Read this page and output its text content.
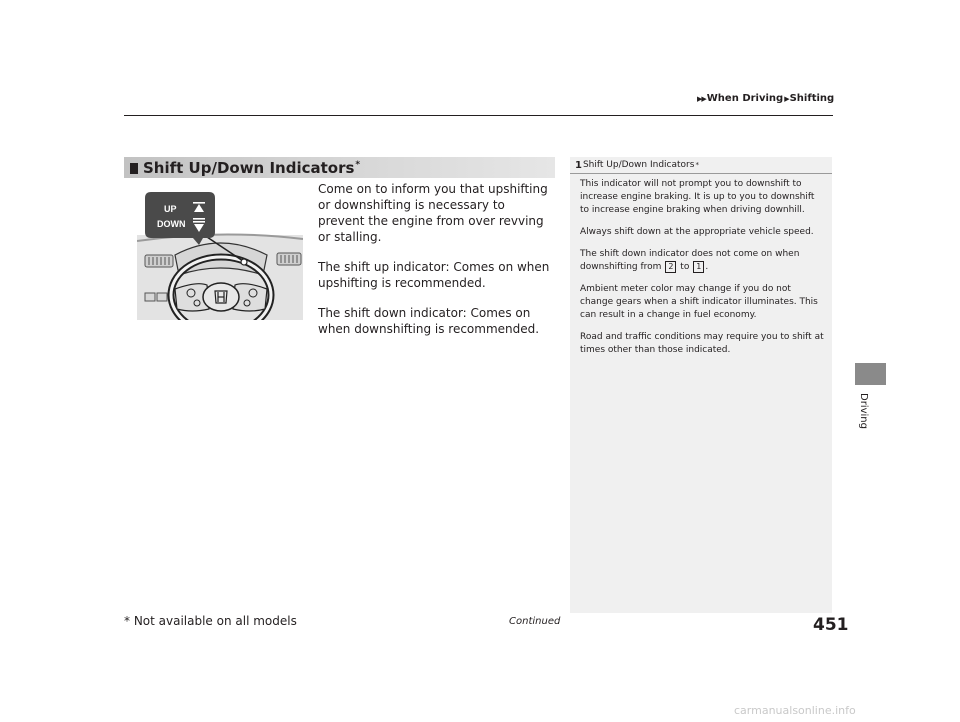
▶▶ When Driving ▶ Shifting
Driving
Shift Up/Down Indicators*
UP
DOWN

Come on to inform you that upshifting or downshifting is necessary to prevent the engine from over revving or stalling.

The shift up indicator: Comes on when upshifting is recommended.

The shift down indicator: Comes on when downshifting is recommended.

1 Shift Up/Down Indicators *

This indicator will not prompt you to downshift to increase engine braking. It is up to you to downshift to increase engine braking when driving downhill.

Always shift down at the appropriate vehicle speed.

The shift down indicator does not come on when downshifting from 2 to 1 .

Ambient meter color may change if you do not change gears when a shift indicator illuminates. This can result in a change in fuel economy.

Road and traffic conditions may require you to shift at times other than those indicated.

* Not available on all models	Continued	451
carmanualsonline.info
